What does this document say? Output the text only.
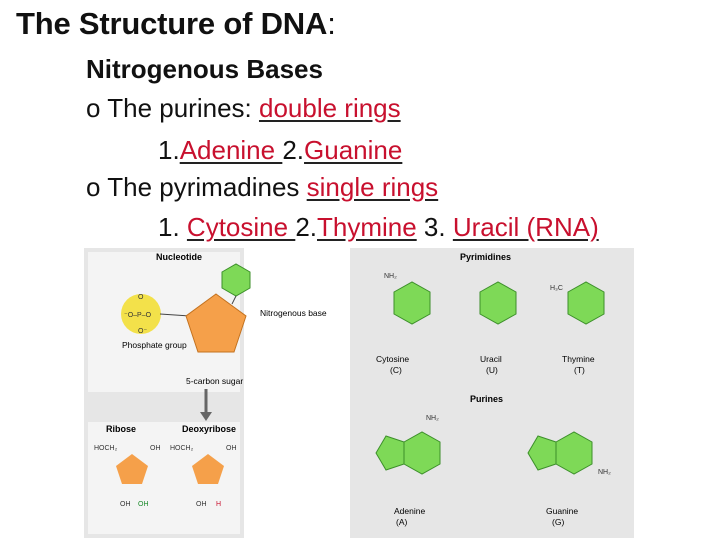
The Structure of DNA:
Nitrogenous Bases
o The purines: double rings
1.Adenine 2.Guanine
o The pyrimadines single rings
1. Cytosine 2.Thymine 3. Uracil (RNA)
Nucleotide
O
⁻O–P–O
O⁻
Phosphate group
5-carbon sugar
Nitrogenous base
Ribose	Deoxyribose
HOCH₂	OH HOCH₂	OH
OH OH	OH H
Pyrimidines
Purines
NH₂
Cytosine
(C)
Uracil
(U)
H₃C
Thymine
(T)
NH₂
Adenine
(A)
NH₂
Guanine
(G)
